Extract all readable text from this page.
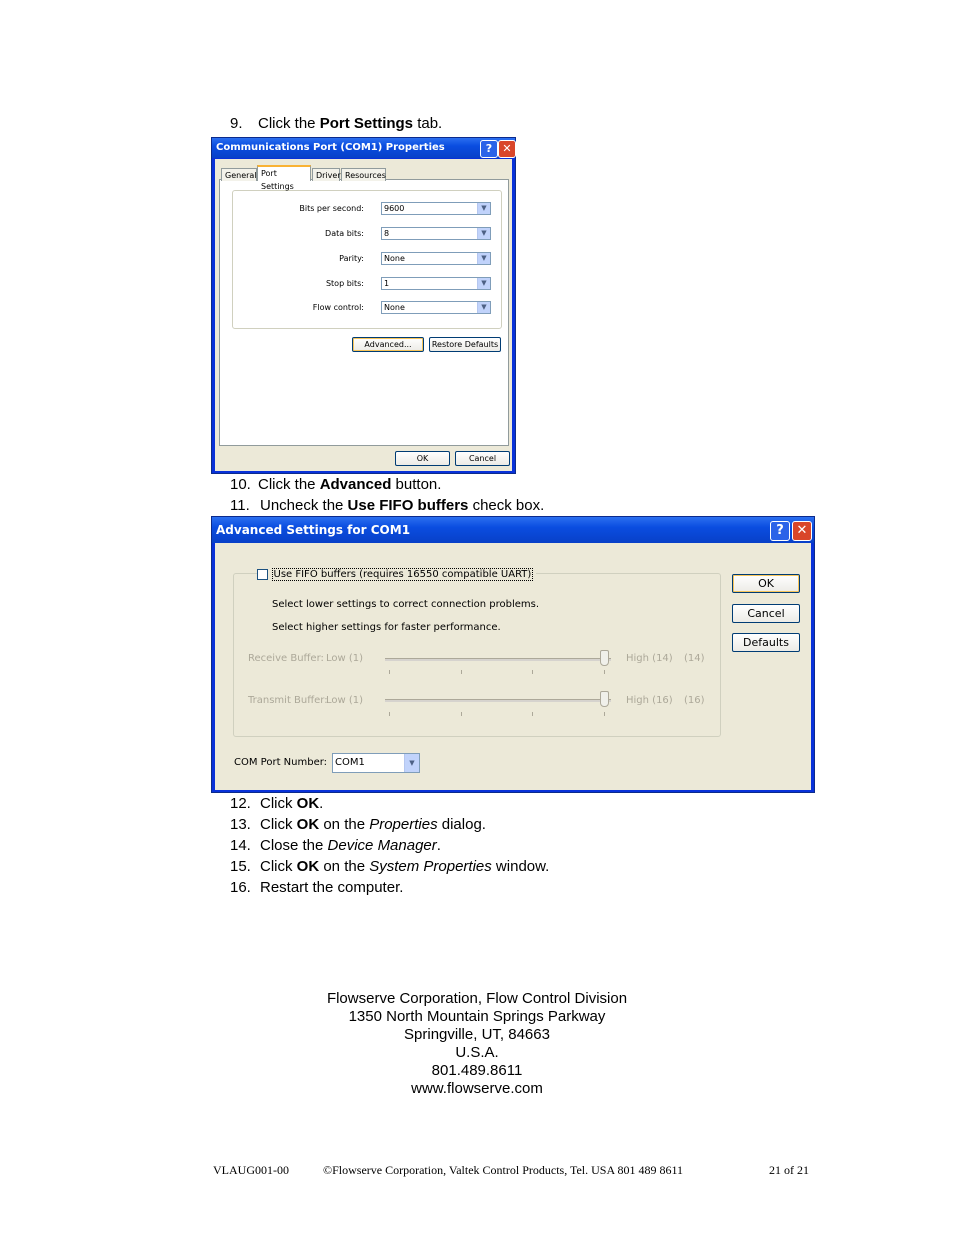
9. Click the Port Settings tab.
Communications Port (COM1) Properties	? ✕
Bits per second:	9600	▼
Data bits:	8	▼
Parity:	None	▼
Stop bits:	1	▼
Flow control:	None	▼
Advanced...	Restore Defaults
General Port Settings
Driver Resources
OK	Cancel
10. Click the Advanced button.
11. Uncheck the Use FIFO buffers check box.
Advanced Settings for COM1	? ✕
Use FIFO buffers (requires 16550 compatible UART)
Select lower settings to correct connection problems.
Select higher settings for faster performance.
Receive Buffer: Low (1)	High (14) (14)
Transmit Buffer:
Low (1)	High (16) (16)
COM Port Number: COM1	▼
OK
Cancel
Defaults
12. Click OK.
13. Click OK on the Properties dialog.
14. Close the Device Manager.
15. Click OK on the System Properties window.
16. Restart the computer.
Flowserve Corporation, Flow Control Division
1350 North Mountain Springs Parkway
Springville, UT, 84663
U.S.A.
801.489.8611
www.flowserve.com
VLAUG001-00	©Flowserve Corporation, Valtek Control Products, Tel. USA 801 489 8611	21 of 21
